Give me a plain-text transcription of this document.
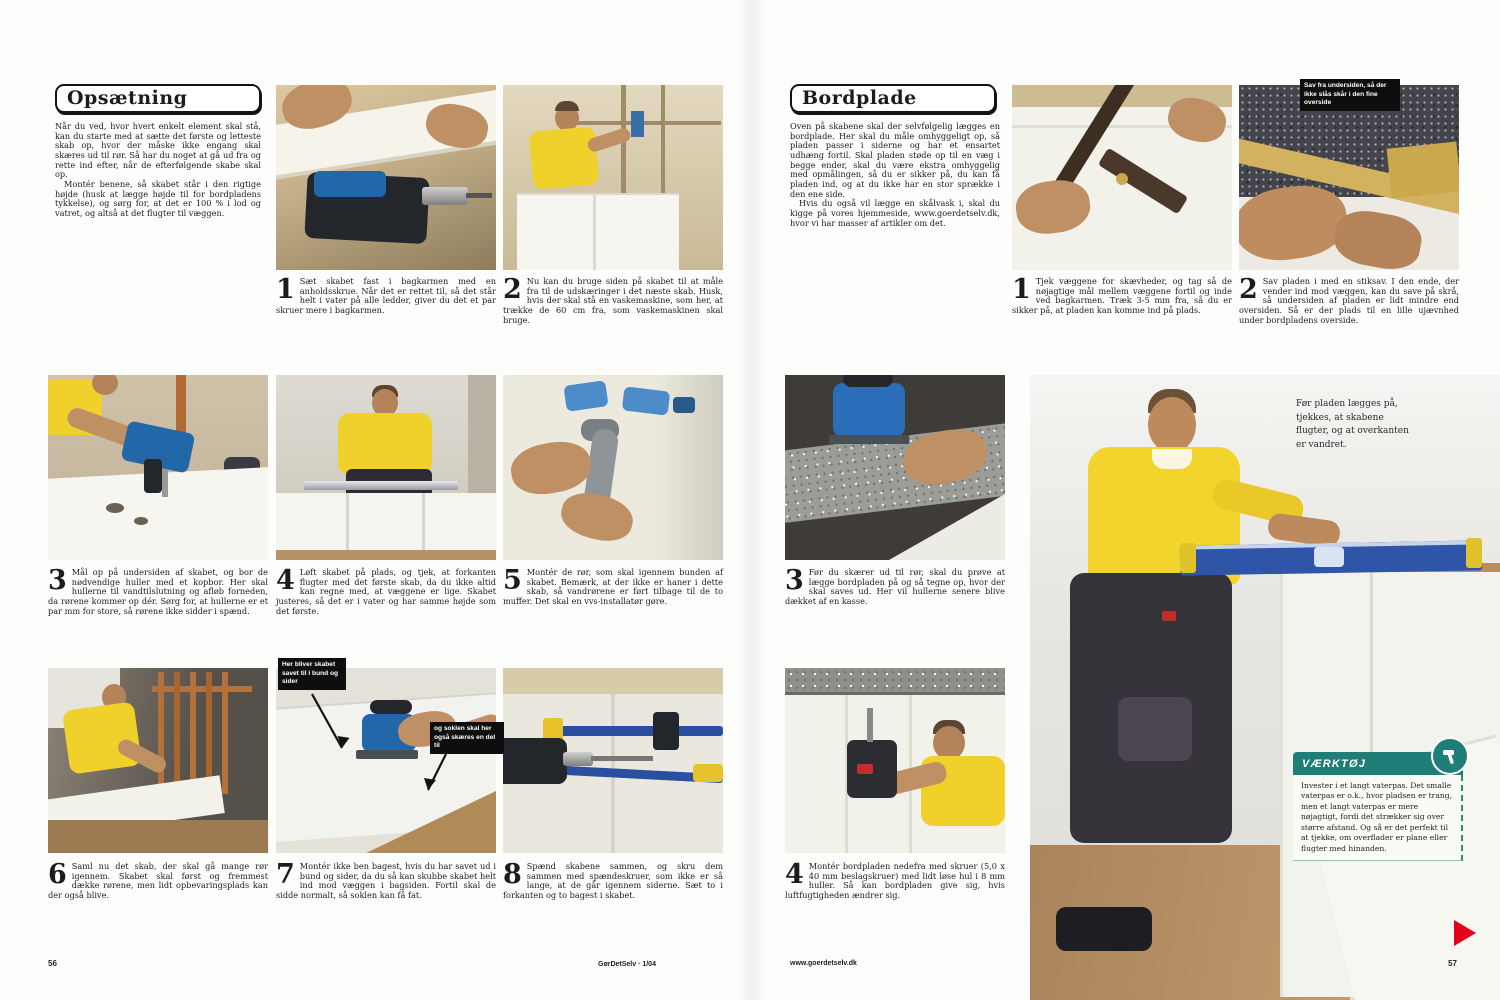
Opsætning

Når du ved, hvor hvert enkelt element skal stå, kan du starte med at sætte det første og letteste skab op, hvor der måske ikke engang skal skæres ud til rør. Så har du noget at gå ud fra og rette ind efter, når de efterfølgende skabe skal op.

Montér benene, så skabet står i den rigtige højde (husk at lægge højde til for bordpladens tykkelse), og sørg for, at det er 100 % i lod og vatret, og altså at det flugter til væggen.

1 Sæt skabet fast i bagkarmen med en anholdsskrue. Når det er rettet til, så det står helt i vater på alle ledder, giver du det et par skruer mere i bagkarmen.
2 Nu kan du bruge siden på skabet til at måle fra til de udskæringer i det næste skab. Husk, hvis der skal stå en vaskemaskine, som her, at trække de 60 cm fra, som vaskemaskinen skal bruge.
3 Mål op på undersiden af skabet, og bor de nødvendige huller med et kopbor. Her skal hullerne til vandtilslutning og afløb forneden, da rørene kommer op dér. Sørg for, at hullerne er et par mm for store, så rørene ikke sidder i spænd.
4 Løft skabet på plads, og tjek, at forkanten flugter med det første skab, da du ikke altid kan regne med, at væggene er lige. Skabet justeres, så det er i vater og har samme højde som det første.
5 Montér de rør, som skal igennem bunden af skabet. Bemærk, at der ikke er haner i dette skab, så vandrørene er ført tilbage til de to muffer. Det skal en vvs-installatør gøre.
Her bliver skabet savet til i bund og sider
og soklen skal her også skæres en del til
6 Saml nu det skab, der skal gå mange rør igennem. Skabet skal først og fremmest dække rørene, men lidt opbevaringsplads kan der også blive.
7 Montér ikke ben bagest, hvis du har savet ud i bund og sider, da du så kan skubbe skabet helt ind mod væggen i bagsiden. Fortil skal de sidde normalt, så soklen kan få fat.
8 Spænd skabene sammen, og skru dem sammen med spændeskruer, som ikke er så lange, at de går igennem siderne. Sæt to i forkanten og to bagest i skabet.
56	GørDetSelv · 1/04
Bordplade

Oven på skabene skal der selvfølgelig lægges en bordplade. Her skal du måle omhyggeligt op, så pladen passer i siderne og har et ensartet udhæng fortil. Skal pladen støde op til en væg i begge ender, skal du være ekstra omhyggelig med opmålingen, så du er sikker på, du kan få pladen ind, og at du ikke har en stor sprække i den ene side.

Hvis du også vil lægge en skålvask i, skal du kigge på vores hjemmeside, www.goerdetselv.dk, hvor vi har masser af artikler om det.

Sav fra undersiden, så der ikke slås skår i den fine overside
1 Tjek væggene for skævheder, og tag så de nøjagtige mål mellem væggene fortil og inde ved bagkarmen. Træk 3-5 mm fra, så du er sikker på, at pladen kan komme ind på plads.
2 Sav pladen i med en stiksav. I den ende, der vender ind mod væggen, kan du save på skrå, så undersiden af pladen er lidt mindre end oversiden. Så er der plads til en lille ujævnhed under bordpladens overside.
3 Før du skærer ud til rør, skal du prøve at lægge bordpladen på og så tegne op, hvor der skal saves ud. Her vil hullerne senere blive dækket af en kasse.
4 Montér bordpladen nedefra med skruer (5,0 x 40 mm beslagskruer) med lidt løse hul i 8 mm huller. Så kan bordpladen give sig, hvis luftfugtigheden ændrer sig.
Før pladen lægges på, tjekkes, at skabene flugter, og at overkanten er vandret.
VÆRKTØJ
Invester i et langt vaterpas. Det smalle vaterpas er o.k., hvor pladsen er trang, men et langt vaterpas er mere nøjagtigt, fordi det strækker sig over større afstand. Og så er det perfekt til at tjekke, om overflader er plane eller flugter med hinanden.
www.goerdetselv.dk	57
